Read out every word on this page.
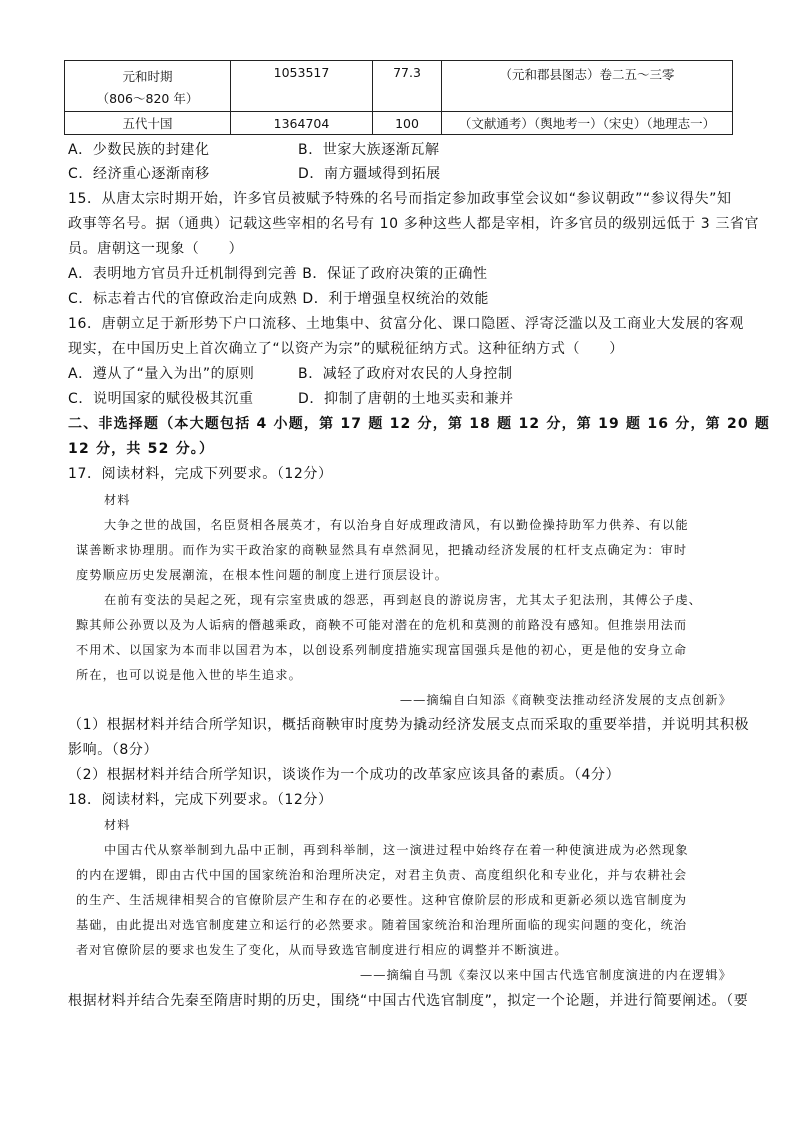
元和时期
（806～820 年）	1053517	77.3	（元和郡县图志）卷二五～三零

五代十国	1364704	100	（文献通考）（舆地考一）（宋史）（地理志一）
A．少数民族的封建化	B．世家大族逐渐瓦解
C．经济重心逐渐南移	D．南方疆域得到拓展
15．从唐太宗时期开始，许多官员被赋予特殊的名号而指定参加政事堂会议如“参议朝政”“参议得失”知
政事等名号。据（通典）记载这些宰相的名号有 10 多种这些人都是宰相，许多官员的级别远低于 3 三省官
员。唐朝这一现象（　　）
A．表明地方官员升迁机制得到完善 B．保证了政府决策的正确性
C．标志着古代的官僚政治走向成熟 D．利于增强皇权统治的效能
16．唐朝立足于新形势下户口流移、土地集中、贫富分化、课口隐匿、浮寄泛滥以及工商业大发展的客观
现实，在中国历史上首次确立了“以资产为宗”的赋税征纳方式。这种征纳方式（　　）
A．遵从了“量入为出”的原则	B．减轻了政府对农民的人身控制
C．说明国家的赋役极其沉重	D．抑制了唐朝的土地买卖和兼并
二、非选择题（本大题包括 4 小题，第 17 题 12 分，第 18 题 12 分，第 19 题 16 分，第 20 题
12 分，共 52 分。）
17．阅读材料，完成下列要求。（12分）
材料
大争之世的战国，名臣贤相各展英才，有以治身自好成理政清风，有以勤俭操持助军力供养、有以能
谋善断求协理朋。而作为实干政治家的商鞅显然具有卓然洞见，把撬动经济发展的杠杆支点确定为：审时
度势顺应历史发展潮流，在根本性问题的制度上进行顶层设计。
在前有变法的吴起之死，现有宗室贵戚的怨恶，再到赵良的游说房害，尤其太子犯法刑，其傅公子虔、
黥其师公孙贾以及为人诟病的僭越乘政，商鞅不可能对潜在的危机和莫测的前路没有感知。但推崇用法而
不用术、以国家为本而非以国君为本，以创设系列制度措施实现富国强兵是他的初心，更是他的安身立命
所在，也可以说是他入世的毕生追求。
——摘编自白知添《商鞅变法推动经济发展的支点创新》
（1）根据材料并结合所学知识，概括商鞅审时度势为撬动经济发展支点而采取的重要举措，并说明其积极
影响。（8分）
（2）根据材料并结合所学知识，谈谈作为一个成功的改革家应该具备的素质。（4分）
18．阅读材料，完成下列要求。（12分）
材料
中国古代从察举制到九品中正制，再到科举制，这一演进过程中始终存在着一种使演进成为必然现象
的内在逻辑，即由古代中国的国家统治和治理所决定，对君主负责、高度组织化和专业化，并与农耕社会
的生产、生活规律相契合的官僚阶层产生和存在的必要性。这种官僚阶层的形成和更新必须以选官制度为
基础，由此提出对选官制度建立和运行的必然要求。随着国家统治和治理所面临的现实问题的变化，统治
者对官僚阶层的要求也发生了变化，从而导致选官制度进行相应的调整并不断演进。
——摘编自马凯《秦汉以来中国古代选官制度演进的内在逻辑》
根据材料并结合先秦至隋唐时期的历史，围绕“中国古代选官制度”，拟定一个论题，并进行简要阐述。（要
